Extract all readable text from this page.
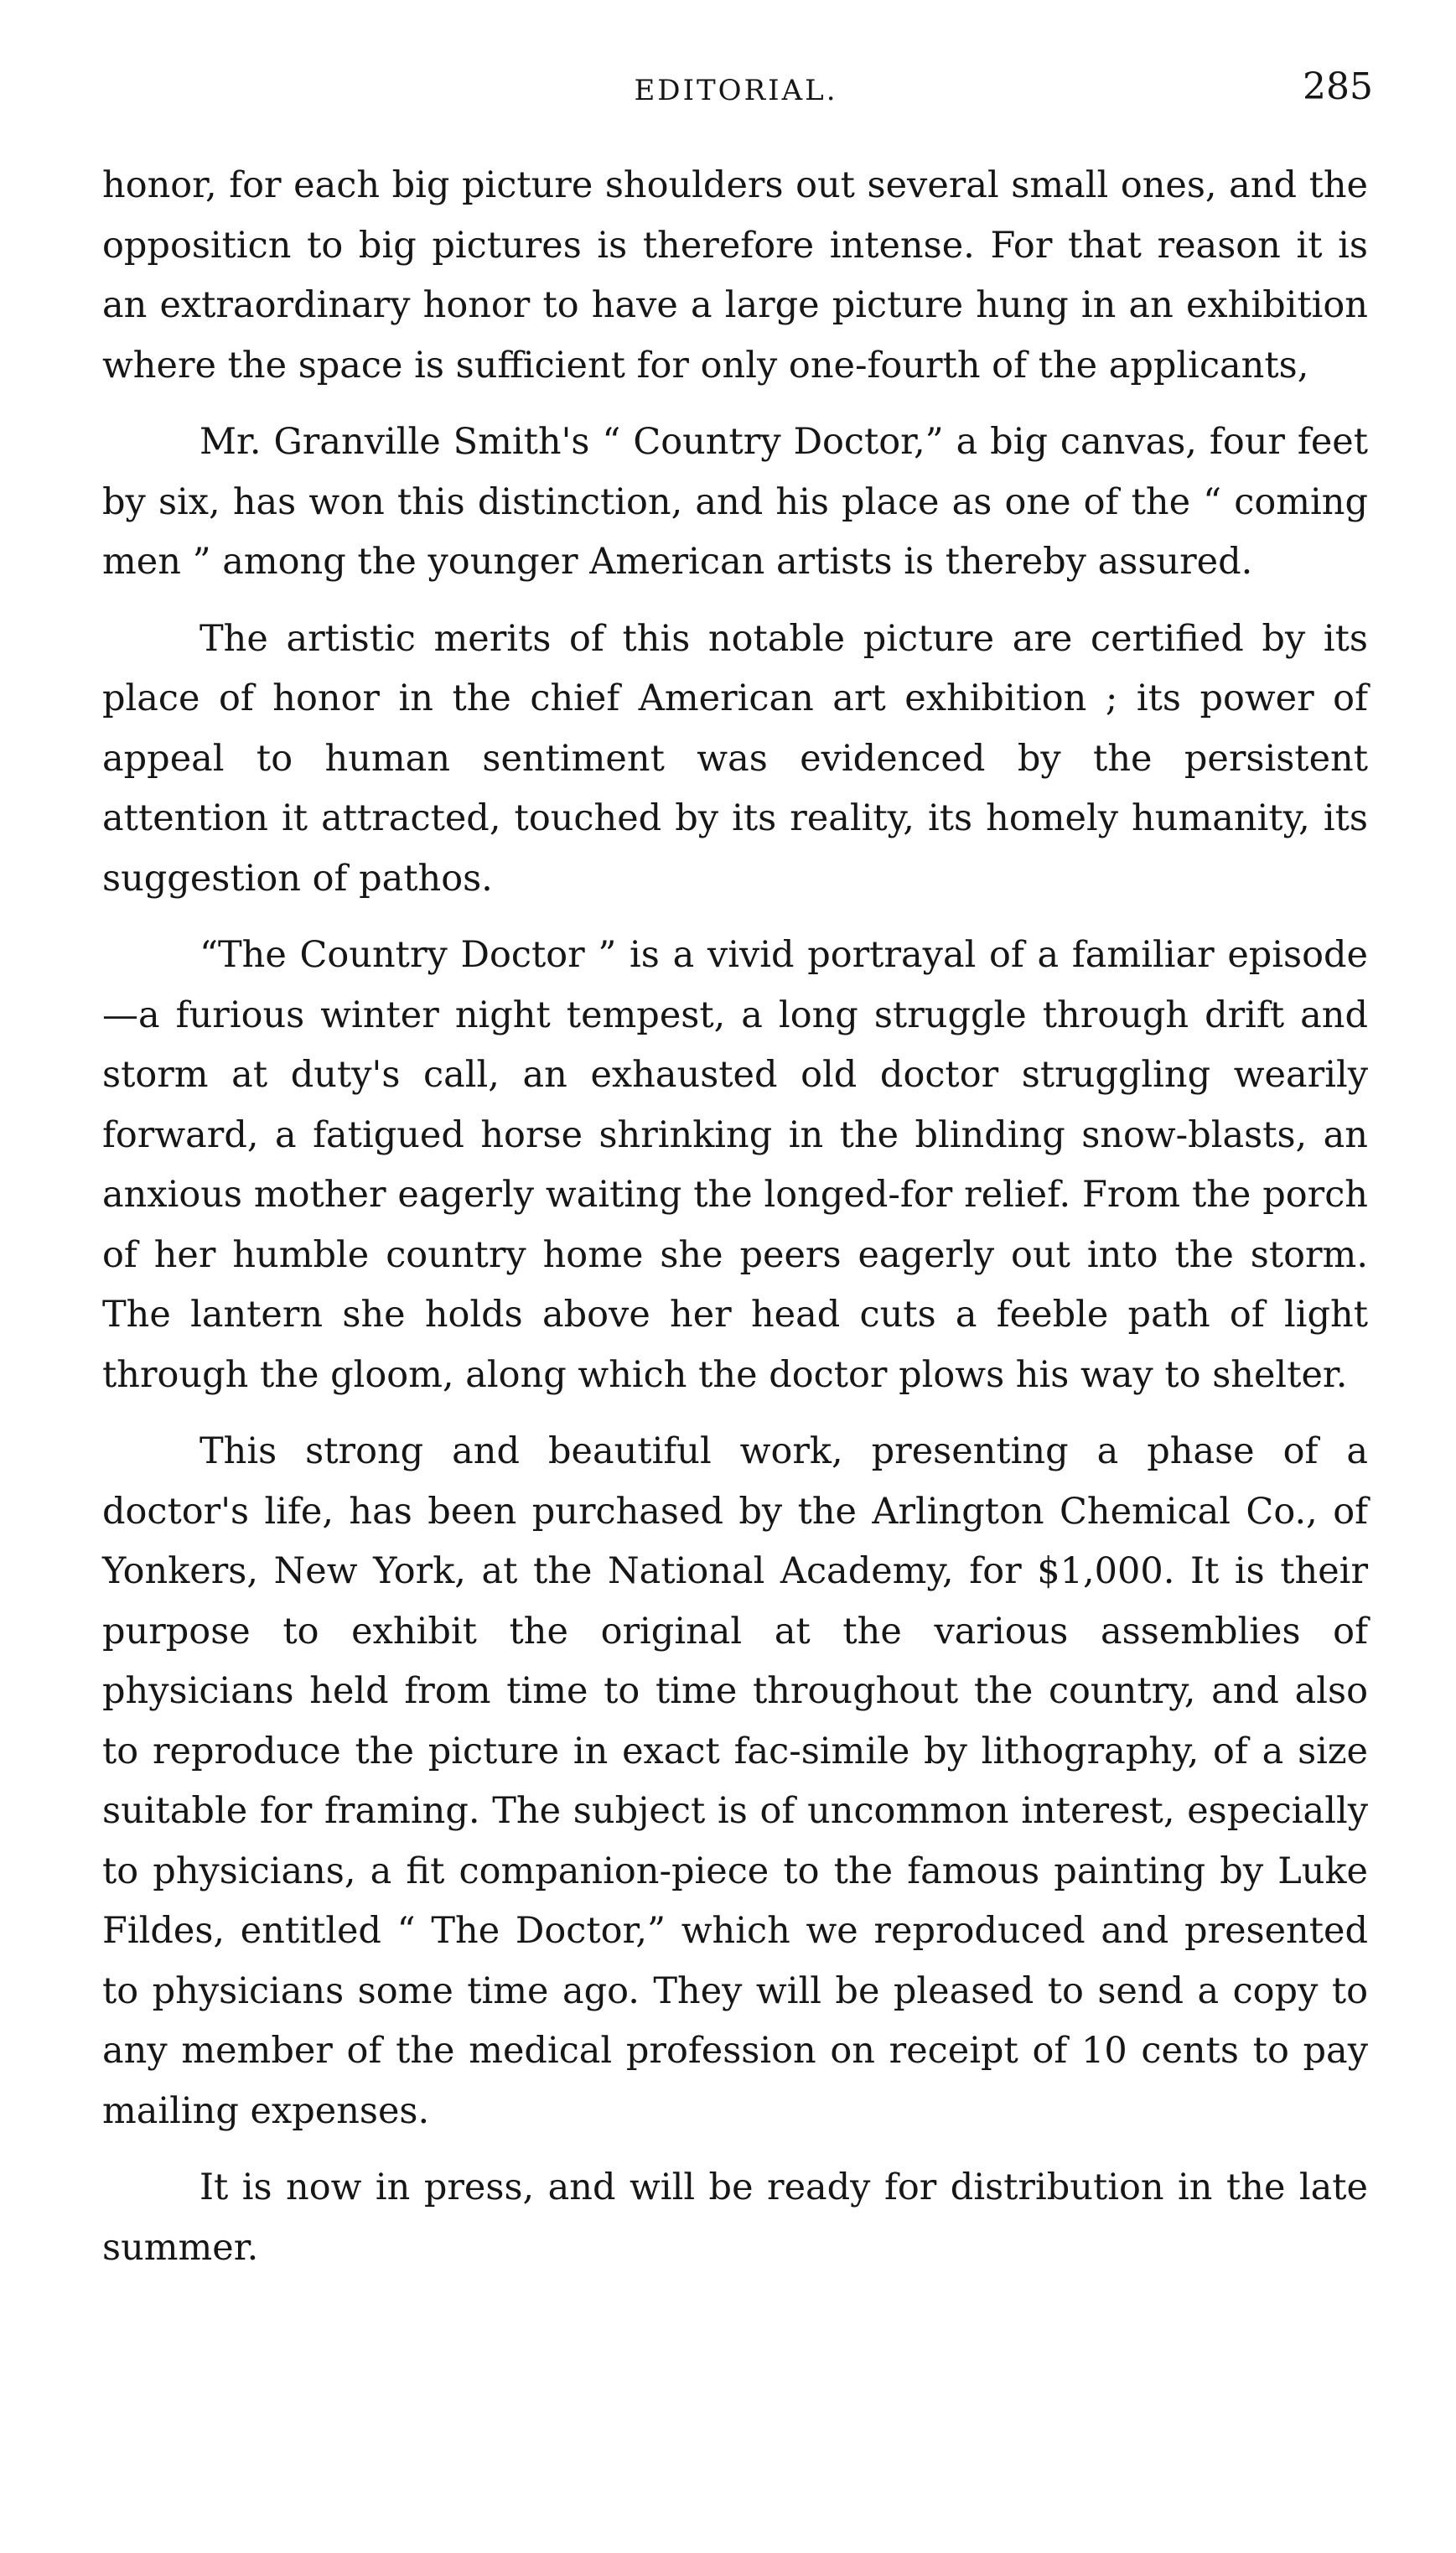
EDITORIAL.	285

honor, for each big picture shoulders out several small ones, and the oppositicn to big pictures is therefore intense. For that reason it is an extraordinary honor to have a large picture hung in an exhibition where the space is sufficient for only one-fourth of the applicants,

Mr. Granville Smith's “ Country Doctor,” a big canvas, four feet by six, has won this distinction, and his place as one of the “ coming men ” among the younger American artists is thereby assured.

The artistic merits of this notable picture are certified by its place of honor in the chief American art exhibition ; its power of appeal to human sentiment was evidenced by the persistent attention it attracted, touched by its reality, its homely humanity, its suggestion of pathos.

“The Country Doctor ” is a vivid portrayal of a familiar episode—a furious winter night tempest, a long struggle through drift and storm at duty's call, an exhausted old doctor struggling wearily forward, a fatigued horse shrinking in the blinding snow-blasts, an anxious mother eagerly waiting the longed-for relief. From the porch of her humble country home she peers eagerly out into the storm. The lantern she holds above her head cuts a feeble path of light through the gloom, along which the doctor plows his way to shelter.

This strong and beautiful work, presenting a phase of a doctor's life, has been purchased by the Arlington Chemical Co., of Yonkers, New York, at the National Academy, for $1,000. It is their purpose to exhibit the original at the various assemblies of physicians held from time to time throughout the country, and also to reproduce the picture in exact fac-simile by lithography, of a size suitable for framing. The subject is of uncommon interest, especially to physicians, a fit companion-piece to the famous painting by Luke Fildes, entitled “ The Doctor,” which we reproduced and presented to physicians some time ago. They will be pleased to send a copy to any member of the medical profession on receipt of 10 cents to pay mailing expenses.

It is now in press, and will be ready for distribution in the late summer.
